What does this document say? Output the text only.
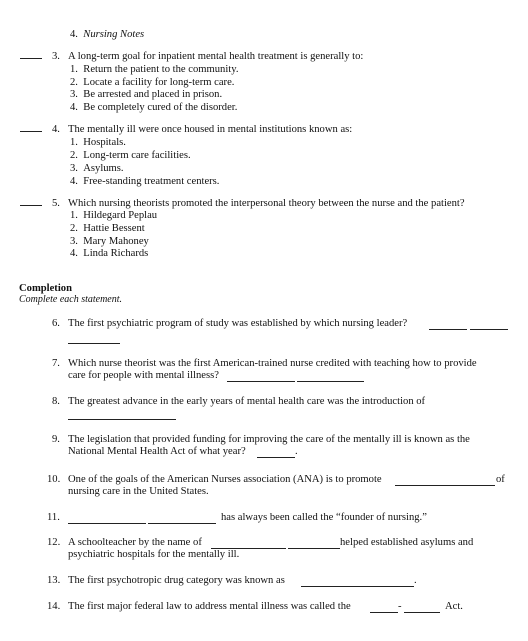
4. Nursing Notes
3. A long-term goal for inpatient mental health treatment is generally to:
1. Return the patient to the community.
2. Locate a facility for long-term care.
3. Be arrested and placed in prison.
4. Be completely cured of the disorder.
4. The mentally ill were once housed in mental institutions known as:
1. Hospitals.
2. Long-term care facilities.
3. Asylums.
4. Free-standing treatment centers.
5. Which nursing theorists promoted the interpersonal theory between the nurse and the patient?
1. Hildegard Peplau
2. Hattie Bessent
3. Mary Mahoney
4. Linda Richards
Completion
Complete each statement.
6. The first psychiatric program of study was established by which nursing leader?
7. Which nurse theorist was the first American-trained nurse credited with teaching how to provide
care for people with mental illness?
8. The greatest advance in the early years of mental health care was the introduction of
9. The legislation that provided funding for improving the care of the mentally ill is known as the
National Mental Health Act of what year?	.
10. One of the goals of the American Nurses association (ANA) is to promote	of
nursing care in the United States.
11.	has always been called the “founder of nursing.”
12. A schoolteacher by the name of	helped established asylums and
psychiatric hospitals for the mentally ill.
13. The first psychotropic drug category was known as	.
14. The first major federal law to address mental illness was called the	-	Act.
